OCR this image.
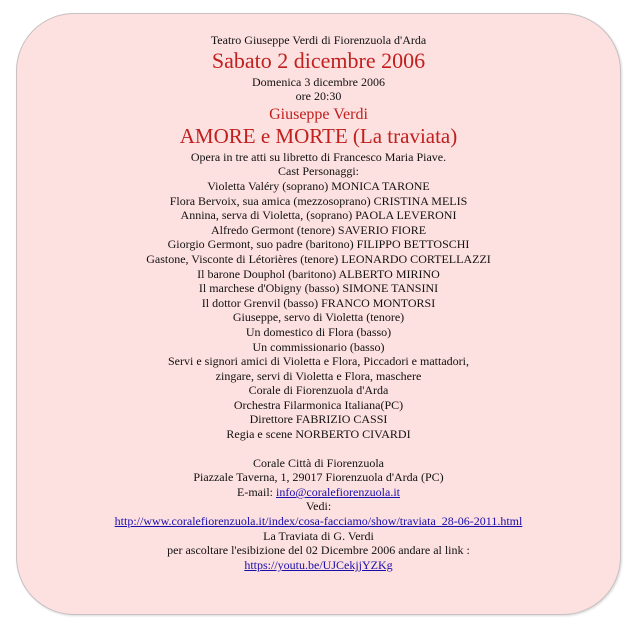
Teatro Giuseppe Verdi di Fiorenzuola d'Arda
Sabato 2 dicembre 2006
Domenica 3 dicembre 2006
ore 20:30
Giuseppe Verdi
AMORE e MORTE (La traviata)
Opera in tre atti su libretto di Francesco Maria Piave.
Cast Personaggi:
Violetta Valéry (soprano) MONICA TARONE
Flora Bervoix, sua amica (mezzosoprano) CRISTINA MELIS
Annina, serva di Violetta, (soprano) PAOLA LEVERONI
Alfredo Germont (tenore) SAVERIO FIORE
Giorgio Germont, suo padre (baritono) FILIPPO BETTOSCHI
Gastone, Visconte di Létorières (tenore) LEONARDO CORTELLAZZI
Il barone Douphol (baritono) ALBERTO MIRINO
Il marchese d'Obigny (basso) SIMONE TANSINI
Il dottor Grenvil (basso) FRANCO MONTORSI
Giuseppe, servo di Violetta (tenore)
Un domestico di Flora (basso)
Un commissionario (basso)
Servi e signori amici di Violetta e Flora, Piccadori e mattadori,
zingare, servi di Violetta e Flora, maschere
Corale di Fiorenzuola d'Arda
Orchestra Filarmonica Italiana(PC)
Direttore FABRIZIO CASSI
Regia e scene NORBERTO CIVARDI
Corale Città di Fiorenzuola
Piazzale Taverna, 1, 29017 Fiorenzuola d'Arda (PC)
E-mail: info@coralefiorenzuola.it
Vedi:
http://www.coralefiorenzuola.it/index/cosa-facciamo/show/traviata_28-06-2011.html
La Traviata di G. Verdi
per ascoltare l'esibizione del 02 Dicembre 2006 andare al link :
https://youtu.be/UJCekjjYZKg
